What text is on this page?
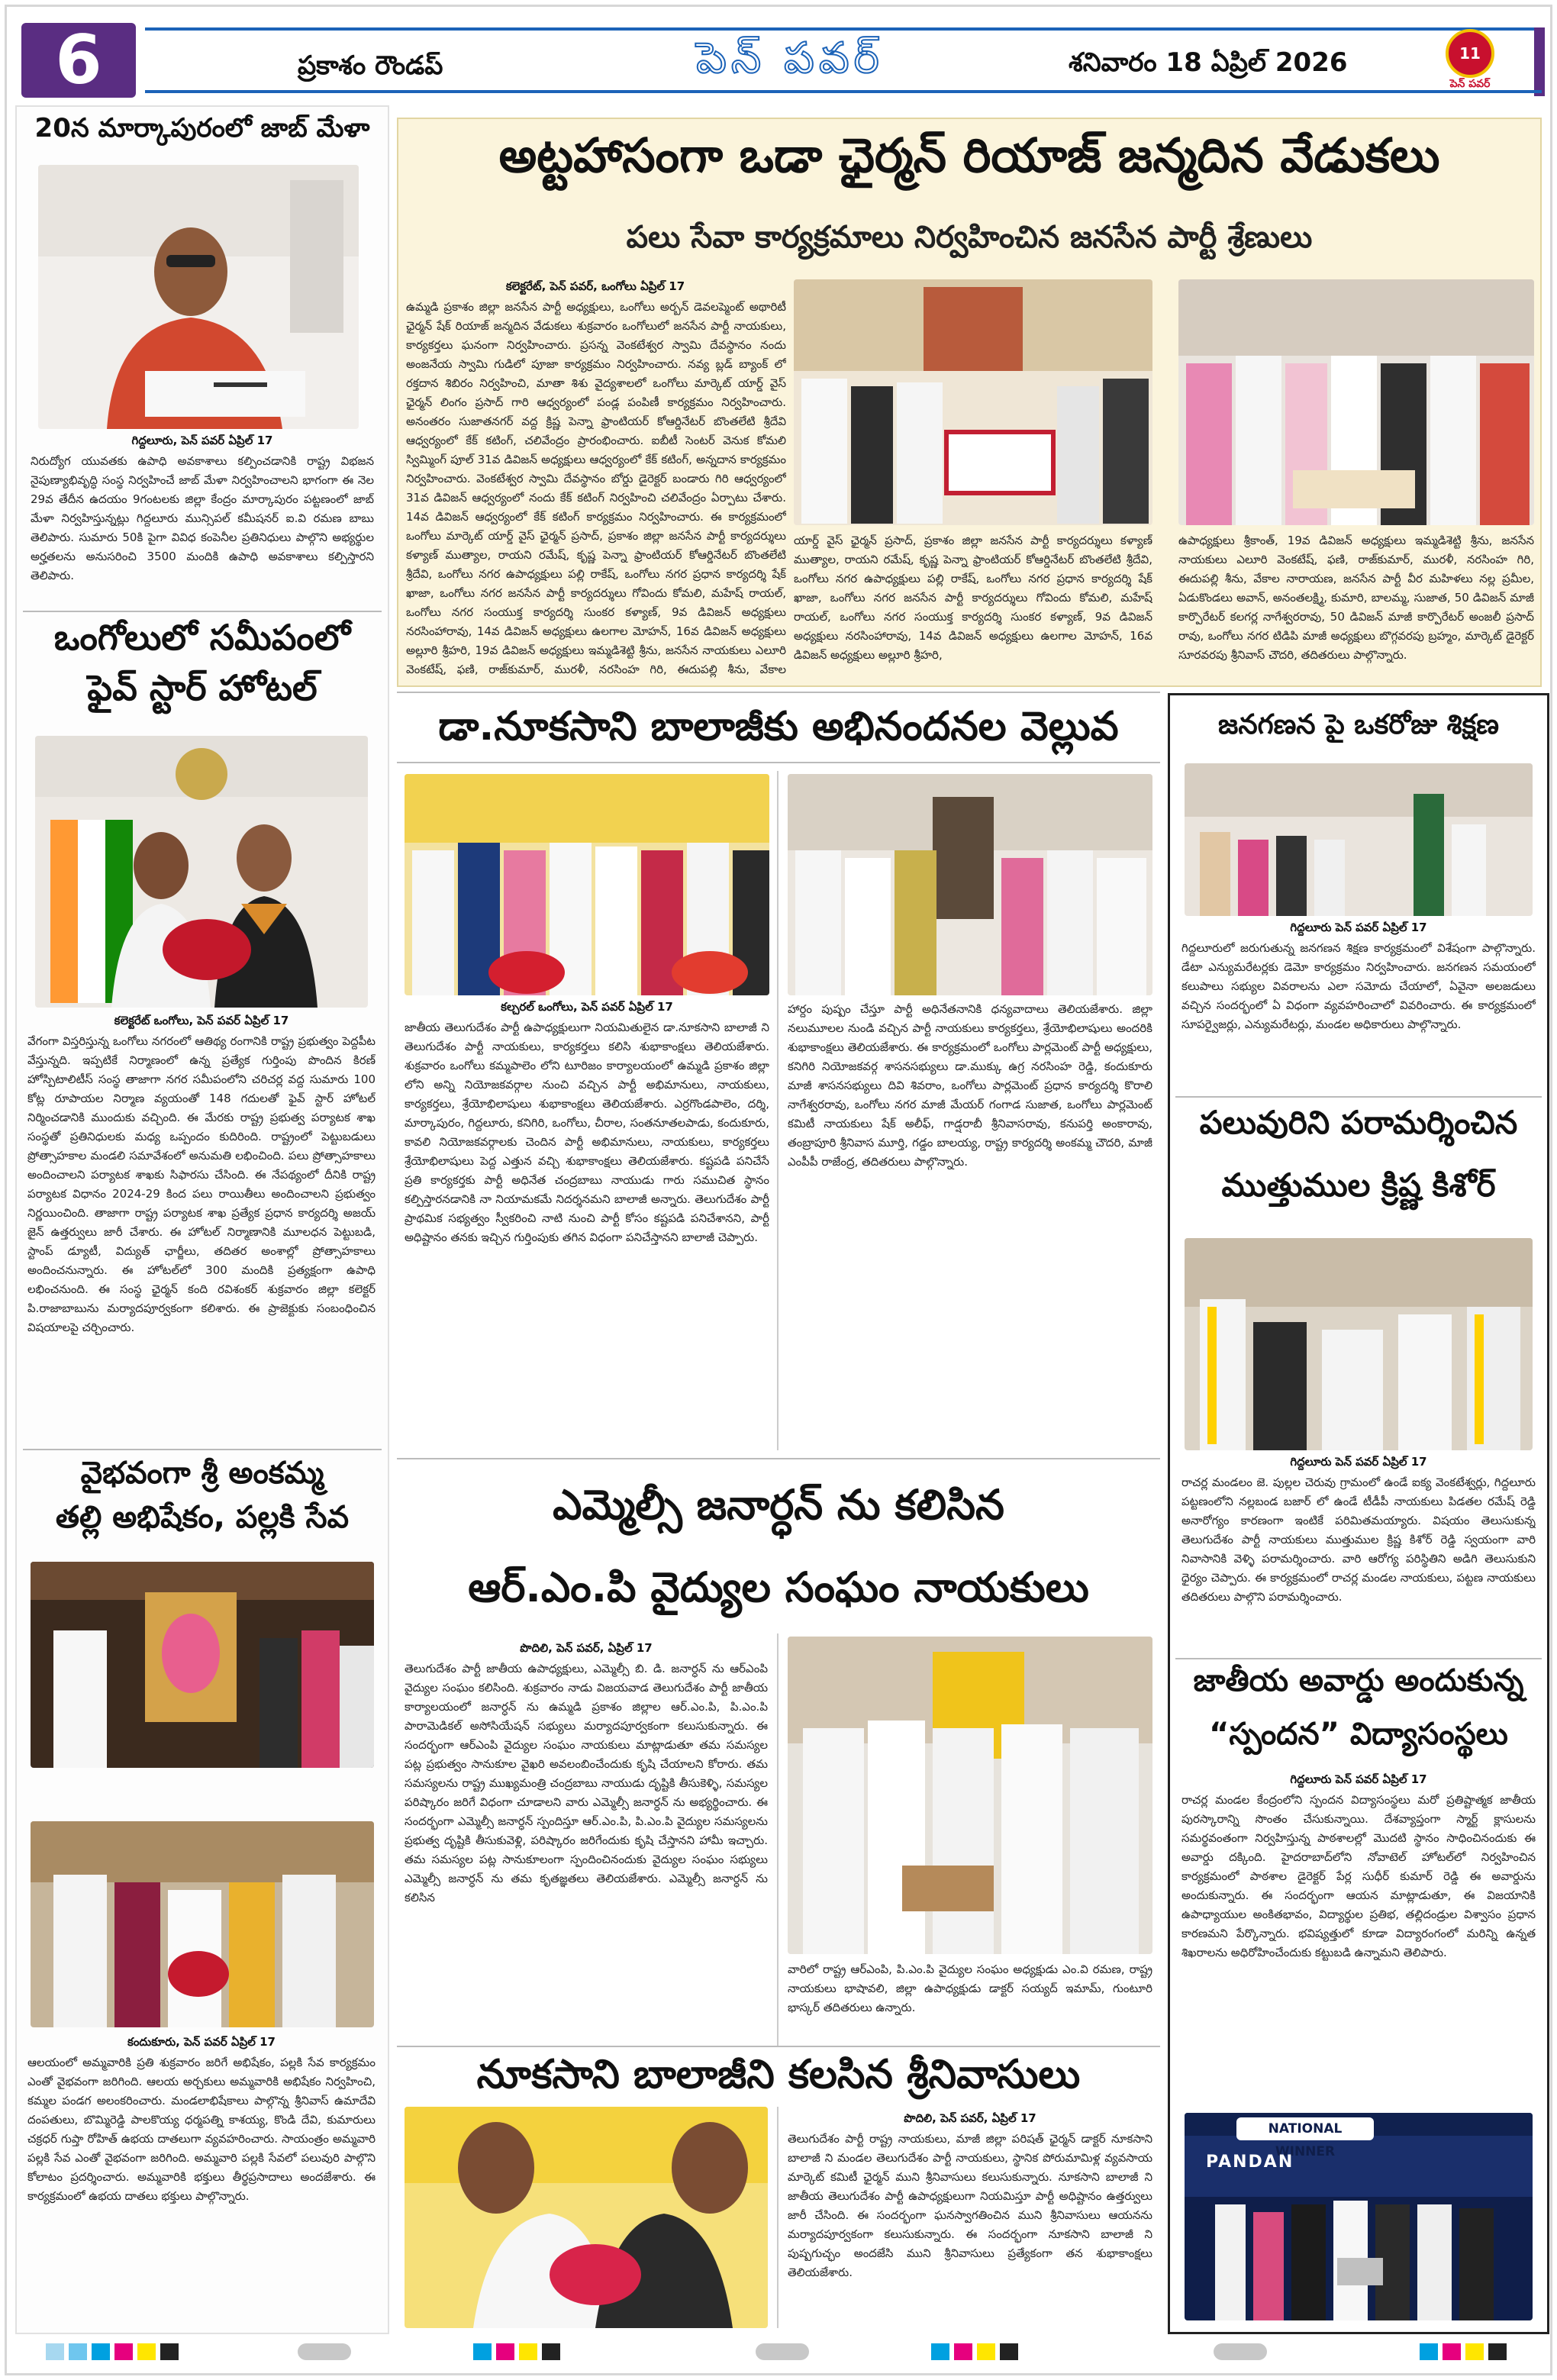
6	ప్రకాశం రౌండప్	పెన్ పవర్	శనివారం 18 ఏప్రిల్ 2026	11
పెన్ పవర్
20న మార్కాపురంలో జాబ్ మేళా
గిద్దలూరు, పెన్ పవర్ ఏప్రిల్ 17
నిరుద్యోగ యువతకు ఉపాధి అవకాశాలు కల్పించడానికి రాష్ట్ర విభజన నైపుణ్యాభివృద్ధి సంస్థ నిర్వహించే జాబ్ మేళా నిర్వహించాలని భాగంగా ఈ నెల 29వ తేదీన ఉదయం 9గంటలకు జిల్లా కేంద్రం మార్కాపురం పట్టణంలో జాబ్ మేళా నిర్వహిస్తున్నట్లు గిద్దలూరు మున్సిపల్ కమీషనర్ ఐ.వి రమణ బాబు తెలిపారు. సుమారు 50కి పైగా వివిధ కంపెనీల ప్రతినిధులు పాల్గొని అభ్యర్థుల అర్హతలను అనుసరించి 3500 మందికి ఉపాధి అవకాశాలు కల్పిస్తారని తెలిపారు.
ఒంగోలులో సమీపంలో
ఫైవ్ స్టార్ హోటల్
కలెక్టరేట్ ఒంగోలు, పెన్ పవర్ ఏప్రిల్ 17
వేగంగా విస్తరిస్తున్న ఒంగోలు నగరంలో ఆతిథ్య రంగానికి రాష్ట్ర ప్రభుత్వం పెద్దపీట వేస్తున్నది. ఇప్పటికే నిర్మాణంలో ఉన్న ప్రత్యేక గుర్తింపు పొందిన కిరణ్ హోస్పిటాలిటీస్ సంస్థ తాజాగా నగర సమీపంలోని చరిచర్ల వద్ద సుమారు 100 కోట్ల రూపాయల నిర్మాణ వ్యయంతో 148 గదులతో ఫైవ్ స్టార్ హోటల్ నిర్మించడానికి ముందుకు వచ్చింది. ఈ మేరకు రాష్ట్ర ప్రభుత్వ పర్యాటక శాఖ సంస్థతో ప్రతినిధులకు మధ్య ఒప్పందం కుదిరింది. రాష్ట్రంలో పెట్టుబడులు ప్రోత్సాహకాల మండలి సమావేశంలో అనుమతి లభించింది. పలు ప్రోత్సాహకాలు అందించాలని పర్యాటక శాఖకు సిఫారసు చేసింది. ఈ నేపథ్యంలో దీనికి రాష్ట్ర పర్యాటక విధానం 2024-29 కింద పలు రాయితీలు అందించాలని ప్రభుత్వం నిర్ణయించింది. తాజాగా రాష్ట్ర పర్యాటక శాఖ ప్రత్యేక ప్రధాన కార్యదర్శి అజయ్ జైన్ ఉత్తర్వులు జారీ చేశారు. ఈ హోటల్ నిర్మాణానికి మూలధన పెట్టుబడి, స్టాంప్ డ్యూటీ, విద్యుత్ ఛార్జీలు, తదితర అంశాల్లో ప్రోత్సాహకాలు అందించనున్నారు. ఈ హోటల్‌లో 300 మందికి ప్రత్యక్షంగా ఉపాధి లభించనుంది. ఈ సంస్థ ఛైర్మన్ కంది రవిశంకర్ శుక్రవారం జిల్లా కలెక్టర్ పి.రాజాబాబును మర్యాదపూర్వకంగా కలిశారు. ఈ ప్రాజెక్టుకు సంబంధించిన విషయాలపై చర్చించారు.
వైభవంగా శ్రీ అంకమ్మ
తల్లి అభిషేకం, పల్లకి సేవ
కందుకూరు, పెన్ పవర్ ఏప్రిల్ 17
ఆలయంలో అమ్మవారికి ప్రతి శుక్రవారం జరిగే అభిషేకం, పల్లకి సేవ కార్యక్రమం ఎంతో వైభవంగా జరిగింది. ఆలయ అర్చకులు అమ్మవారికి అభిషేకం నిర్వహించి, కమ్మల పండగ అలంకరించారు. మండలాభిషేకాలు పాల్గొన్న శ్రీనివాస్ ఉమాదేవి దంపతులు, బొమ్మిరెడ్డి పాలకొయ్య ధర్మపత్ని కాశయ్య, కొండి దేవి, కుమారులు చక్రధర్ గుప్తా రోహిత్ ఉభయ దాతలుగా వ్యవహరించారు. సాయంత్రం అమ్మవారి పల్లకి సేవ ఎంతో వైభవంగా జరిగింది. అమ్మవారి పల్లకి సేవలో పలువురి పాల్గొని కోలాటం ప్రదర్శించారు. అమ్మవారికి భక్తులు తీర్థప్రసాదాలు అందజేశారు. ఈ కార్యక్రమంలో ఉభయ దాతలు భక్తులు పాల్గొన్నారు.
అట్టహాసంగా ఒడా ఛైర్మన్ రియాజ్ జన్మదిన వేడుకలు
పలు సేవా కార్యక్రమాలు నిర్వహించిన జనసేన పార్టీ శ్రేణులు
కలెక్టరేట్, పెన్ పవర్, ఒంగోలు ఏప్రిల్ 17
ఉమ్మడి ప్రకాశం జిల్లా జనసేన పార్టీ అధ్యక్షులు, ఒంగోలు అర్బన్ డెవలప్మెంట్ అథారిటీ ఛైర్మన్ షేక్ రియాజ్ జన్మదిన వేడుకలు శుక్రవారం ఒంగోలులో జనసేన పార్టీ నాయకులు, కార్యకర్తలు ఘనంగా నిర్వహించారు. ప్రసన్న వెంకటేశ్వర స్వామి దేవస్థానం నందు అంజనేయ స్వామి గుడిలో పూజా కార్యక్రమం నిర్వహించారు. నవ్య బ్లడ్ బ్యాంక్ లో రక్తదాన శిబిరం నిర్వహించి, మాతా శిశు వైద్యశాలలో ఒంగోలు మార్కెట్ యార్డ్ వైస్ ఛైర్మన్ లింగం ప్రసాద్ గారి ఆధ్వర్యంలో పండ్ల పంపిణీ కార్యక్రమం నిర్వహించారు. అనంతరం సుజాతనగర్ వద్ద క్రిష్ణ పెన్నా ఫ్రాంటియర్ కోఆర్డినేటర్ బొంతలేటి శ్రీదేవి ఆధ్వర్యంలో కేక్ కటింగ్, చలివేంద్రం ప్రారంభించారు. ఐబీటీ సెంటర్ వెనుక కోమలి స్విమ్మింగ్ పూల్ 31వ డివిజన్ అధ్యక్షులు ఆధ్వర్యంలో కేక్ కటింగ్, అన్నదాన కార్యక్రమం నిర్వహించారు. వెంకటేశ్వర స్వామి దేవస్థానం బోర్డు డైరెక్టర్ బండారు గిరి ఆధ్వర్యంలో 31వ డివిజన్ ఆధ్వర్యంలో నందు కేక్ కటింగ్ నిర్వహించి చలివేంద్రం ఏర్పాటు చేశారు. 14వ డివిజన్ ఆధ్వర్యంలో కేక్ కటింగ్ కార్యక్రమం నిర్వహించారు. ఈ కార్యక్రమంలో ఒంగోలు మార్కెట్ యార్డ్ వైస్ ఛైర్మన్ ప్రసాద్, ప్రకాశం జిల్లా జనసేన పార్టీ కార్యదర్శులు కళ్యాణ్ ముత్యాల, రాయని రమేష్, కృష్ణ పెన్నా ఫ్రాంటియర్ కోఆర్డినేటర్ బొంతలేటి శ్రీదేవి, ఒంగోలు నగర ఉపాధ్యక్షులు పల్లి రాకేష్, ఒంగోలు నగర ప్రధాన కార్యదర్శి షేక్ ఖాజా, ఒంగోలు నగర జనసేన పార్టీ కార్యదర్శులు గోవిందు కోమలి, మహేష్ రాయల్, ఒంగోలు నగర సంయుక్త కార్యదర్శి సుంకర కళ్యాణ్, 9వ డివిజన్ అధ్యక్షులు నరసింహారావు, 14వ డివిజన్ అధ్యక్షులు ఉలగాల మోహన్, 16వ డివిజన్ అధ్యక్షులు అల్లూరి శ్రీహరి, 19వ డివిజన్ అధ్యక్షులు ఇమ్మడిశెట్టి శ్రీను, జనసేన నాయకులు ఎలూరి వెంకటేష్, ఫణి, రాజ్‌కుమార్, మురళీ, నరసింహ గిరి, ఈదుపల్లి శీను, వేకాల
యార్డ్ వైస్ ఛైర్మన్ ప్రసాద్, ప్రకాశం జిల్లా జనసేన పార్టీ కార్యదర్శులు కళ్యాణ్ ముత్యాల, రాయని రమేష్, కృష్ణ పెన్నా ఫ్రాంటియర్ కోఆర్డినేటర్ బొంతలేటి శ్రీదేవి, ఒంగోలు నగర ఉపాధ్యక్షులు పల్లి రాకేష్, ఒంగోలు నగర ప్రధాన కార్యదర్శి షేక్ ఖాజా, ఒంగోలు నగర జనసేన పార్టీ కార్యదర్శులు గోవిందు కోమలి, మహేష్ రాయల్, ఒంగోలు నగర సంయుక్త కార్యదర్శి సుంకర కళ్యాణ్, 9వ డివిజన్ అధ్యక్షులు నరసింహారావు, 14వ డివిజన్ అధ్యక్షులు ఉలగాల మోహన్, 16వ డివిజన్ అధ్యక్షులు అల్లూరి శ్రీహరి,
ఉపాధ్యక్షులు శ్రీకాంత్, 19వ డివిజన్ అధ్యక్షులు ఇమ్మడిశెట్టి శ్రీను, జనసేన నాయకులు ఎలూరి వెంకటేష్, ఫణి, రాజ్‌కుమార్, మురళీ, నరసింహ గిరి, ఈదుపల్లి శీను, వేకాల నారాయణ, జనసేన పార్టీ వీర మహిళలు నల్ల ప్రమీల, ఏడుకొండలు అవాన్, అనంతలక్ష్మి, కుమారి, బాలమ్మ, సుజాత, 50 డివిజన్ మాజీ కార్పొరేటర్ కలగర్ల నాగేశ్వరరావు, 50 డివిజన్ మాజీ కార్పొరేటర్ అంజలీ ప్రసాద్ రావు, ఒంగోలు నగర టిడిపి మాజీ అధ్యక్షులు బొగ్గవరపు బ్రహ్మం, మార్కెట్ డైరెక్టర్ సూరవరపు శ్రీనివాస్ చౌదరి, తదితరులు పాల్గొన్నారు.
డా.నూకసాని బాలాజీకు అభినందనల వెల్లువ
కల్చరల్ ఒంగోలు, పెన్ పవర్ ఏప్రిల్ 17
జాతీయ తెలుగుదేశం పార్టీ ఉపాధ్యక్షులుగా నియమితులైన డా.నూకసాని బాలాజీ ని తెలుగుదేశం పార్టీ నాయకులు, కార్యకర్తలు కలిసి శుభాకాంక్షలు తెలియజేశారు. శుక్రవారం ఒంగోలు కమ్మపాలెం లోని టూరిజం కార్యాలయంలో ఉమ్మడి ప్రకాశం జిల్లా లోని అన్ని నియోజకవర్గాల నుంచి వచ్చిన పార్టీ అభిమానులు, నాయకులు, కార్యకర్తలు, శ్రేయోభిలాషులు శుభాకాంక్షలు తెలియజేశారు. ఎర్రగొండపాలెం, దర్శి, మార్కాపురం, గిద్దలూరు, కనిగిరి, ఒంగోలు, చీరాల, సంతనూతలపాడు, కందుకూరు, కావలి నియోజకవర్గాలకు చెందిన పార్టీ అభిమానులు, నాయకులు, కార్యకర్తలు శ్రేయోభిలాషులు పెద్ద ఎత్తున వచ్చి శుభాకాంక్షలు తెలియజేశారు. కష్టపడి పనిచేసే ప్రతి కార్యకర్తకు పార్టీ అధినేత చంద్రబాబు నాయుడు గారు సముచిత స్థానం కల్పిస్తారనడానికి నా నియామకమే నిదర్శనమని బాలాజీ అన్నారు. తెలుగుదేశం పార్టీ ప్రాథమిక సభ్యత్వం స్వీకరించి నాటి నుంచి పార్టీ కోసం కష్టపడి పనిచేశానని, పార్టీ అధిష్టానం తనకు ఇచ్చిన గుర్తింపుకు తగిన విధంగా పనిచేస్తానని బాలాజీ చెప్పారు.
హార్దం పుష్పం చేస్తూ పార్టీ అధినేతనానికి ధన్యవాదాలు తెలియజేశారు. జిల్లా నలుమూలల నుండి వచ్చిన పార్టీ నాయకులు కార్యకర్తలు, శ్రేయోభిలాషులు అందరికి శుభాకాంక్షలు తెలియజేశారు. ఈ కార్యక్రమంలో ఒంగోలు పార్లమెంట్ పార్టీ అధ్యక్షులు, కనిగిరి నియోజకవర్గ శాసనసభ్యులు డా.ముక్కు ఉగ్ర నరసింహ రెడ్డి, కందుకూరు మాజీ శాసనసభ్యులు దివి శివరాం, ఒంగోలు పార్లమెంట్ ప్రధాన కార్యదర్శి కొరాలి నాగేశ్వరరావు, ఒంగోలు నగర మాజీ మేయర్ గంగాడ సుజాత, ఒంగోలు పార్లమెంట్ కమిటీ నాయకులు షేక్ అలీఫ్, గాడ్షరాబీ శ్రీనివాసరావు, కనుపర్తి అంకారావు, తంబ్రాపూరి శ్రీనివాస మూర్తి, గడ్డం బాలయ్య, రాష్ట్ర కార్యదర్శి అంకమ్మ చౌదరి, మాజీ ఎంపీపీ రాజేంద్ర, తదితరులు పాల్గొన్నారు.
ఎమ్మెల్సీ జనార్ధన్ ను కలిసిన
ఆర్.ఎం.పి వైద్యుల సంఘం నాయకులు
పొదిలి, పెన్ పవర్, ఏప్రిల్ 17
తెలుగుదేశం పార్టీ జాతీయ ఉపాధ్యక్షులు, ఎమ్మెల్సీ బి. డి. జనార్ధన్ ను ఆర్ఎంపి వైద్యుల సంఘం కలిసింది. శుక్రవారం నాడు విజయవాడ తెలుగుదేశం పార్టీ జాతీయ కార్యాలయంలో జనార్ధన్ ను ఉమ్మడి ప్రకాశం జిల్లాల ఆర్.ఎం.పి, పి.ఎం.పి పారామెడికల్ అసోసియేషన్ సభ్యులు మర్యాదపూర్వకంగా కలుసుకున్నారు. ఈ సందర్భంగా ఆర్ఎంపి వైద్యుల సంఘం నాయకులు మాట్లాడుతూ తమ సమస్యల పట్ల ప్రభుత్వం సానుకూల వైఖరి అవలంబించేందుకు కృషి చేయాలని కోరారు. తమ సమస్యలను రాష్ట్ర ముఖ్యమంత్రి చంద్రబాబు నాయుడు దృష్టికి తీసుకెళ్ళి, సమస్యల పరిష్కారం జరిగే విధంగా చూడాలని వారు ఎమ్మెల్సీ జనార్ధన్ ను అభ్యర్థించారు. ఈ సందర్భంగా ఎమ్మెల్సీ జనార్ధన్ స్పందిస్తూ ఆర్.ఎం.పి, పి.ఎం.పి వైద్యుల సమస్యలను ప్రభుత్వ దృష్టికి తీసుకువెళ్లి, పరిష్కారం జరిగేందుకు కృషి చేస్తానని హామీ ఇచ్చారు. తమ సమస్యల పట్ల సానుకూలంగా స్పందించినందుకు వైద్యుల సంఘం సభ్యులు ఎమ్మెల్సీ జనార్ధన్ ను తమ కృతజ్ఞతలు తెలియజేశారు. ఎమ్మెల్సీ జనార్ధన్ ను కలిసిన
వారిలో రాష్ట్ర ఆర్ఎంపి, పి.ఎం.పి వైద్యుల సంఘం అధ్యక్షుడు ఎం.వి రమణ, రాష్ట్ర నాయకులు భాషావలి, జిల్లా ఉపాధ్యక్షుడు డాక్టర్ సయ్యద్ ఇమామ్, గుంటూరి భాస్కర్ తదితరులు ఉన్నారు.
నూకసాని బాలాజీని కలసిన శ్రీనివాసులు
పొదిలి, పెన్ పవర్, ఏప్రిల్ 17
తెలుగుదేశం పార్టీ రాష్ట్ర నాయకులు, మాజీ జిల్లా పరిషత్ ఛైర్మన్ డాక్టర్ నూకసాని బాలాజీ ని మండల తెలుగుదేశం పార్టీ నాయకులు, స్థానిక పోరుమామిళ్ల వ్యవసాయ మార్కెట్ కమిటీ ఛైర్మన్ ముని శ్రీనివాసులు కలుసుకున్నారు. నూకసాని బాలాజీ ని జాతీయ తెలుగుదేశం పార్టీ ఉపాధ్యక్షులుగా నియమిస్తూ పార్టీ అధిష్టానం ఉత్తర్వులు జారీ చేసింది. ఈ సందర్భంగా ఘనస్వాగతించిన ముని శ్రీనివాసులు ఆయనను మర్యాదపూర్వకంగా కలుసుకున్నారు. ఈ సందర్భంగా నూకసాని బాలాజీ ని పుష్పగుచ్ఛం అందజేసి ముని శ్రీనివాసులు ప్రత్యేకంగా తన శుభాకాంక్షలు తెలియజేశారు.
జనగణన పై ఒకరోజు శిక్షణ
గిద్దలూరు పెన్ పవర్ ఏప్రిల్ 17
గిద్దలూరులో జరుగుతున్న జనగణన శిక్షణ కార్యక్రమంలో విశేషంగా పాల్గొన్నారు. డేటా ఎన్యుమరేటర్లకు డెమో కార్యక్రమం నిర్వహించారు. జనగణన సమయంలో కలుపాలు సభ్యుల వివరాలను ఎలా సమోదు చేయాలో, ఏవైనా అలజడులు వచ్చిన సందర్భంలో ఏ విధంగా వ్యవహరించాలో వివరించారు. ఈ కార్యక్రమంలో సూపర్వైజర్లు, ఎన్యుమరేటర్లు, మండల అధికారులు పాల్గొన్నారు.
పలువురిని పరామర్శించిన
ముత్తుముల క్రిష్ణ కిశోర్
గిద్దలూరు పెన్ పవర్ ఏప్రిల్ 17
రాచర్ల మండలం జె. పుల్లల చెరువు గ్రామంలో ఉండే ఐక్య వెంకటేశ్వర్లు, గిద్దలూరు పట్టణంలోని నల్లబండ బజార్ లో ఉండే టీడీపీ నాయకులు పిడతల రమేష్ రెడ్డి అనారోగ్యం కారణంగా ఇంటికే పరిమితమయ్యారు. విషయం తెలుసుకున్న తెలుగుదేశం పార్టీ నాయకులు ముత్తుముల క్రిష్ణ కిశోర్ రెడ్డి స్వయంగా వారి నివాసానికి వెళ్ళి పరామర్శించారు. వారి ఆరోగ్య పరిస్థితిని అడిగి తెలుసుకుని ధైర్యం చెప్పారు. ఈ కార్యక్రమంలో రాచర్ల మండల నాయకులు, పట్టణ నాయకులు తదితరులు పాల్గొని పరామర్శించారు.
జాతీయ అవార్డు అందుకున్న
“స్పందన” విద్యాసంస్థలు
గిద్దలూరు పెన్ పవర్ ఏప్రిల్ 17
రాచర్ల మండల కేంద్రంలోని స్పందన విద్యాసంస్థలు మరో ప్రతిష్టాత్మక జాతీయ పురస్కారాన్ని సొంతం చేసుకున్నాయి. దేశవ్యాప్తంగా స్మార్ట్ క్లాసులను సమర్థవంతంగా నిర్వహిస్తున్న పాఠశాలల్లో మొదటి స్థానం సాధించినందుకు ఈ అవార్డు దక్కింది. హైదరాబాద్‌లోని నోవాటెల్ హోటల్‌లో నిర్వహించిన కార్యక్రమంలో పాఠశాల డైరెక్టర్ పేర్ల సుధీర్ కుమార్ రెడ్డి ఈ అవార్డును అందుకున్నారు. ఈ సందర్భంగా ఆయన మాట్లాడుతూ, ఈ విజయానికి ఉపాధ్యాయుల అంకితభావం, విద్యార్థుల ప్రతిభ, తల్లిదండ్రుల విశ్వాసం ప్రధాన కారణమని పేర్కొన్నారు. భవిష్యత్తులో కూడా విద్యారంగంలో మరిన్ని ఉన్నత శిఖరాలను అధిరోహించేందుకు కట్టుబడి ఉన్నామని తెలిపారు.
NATIONAL WINNER
PANDAN
